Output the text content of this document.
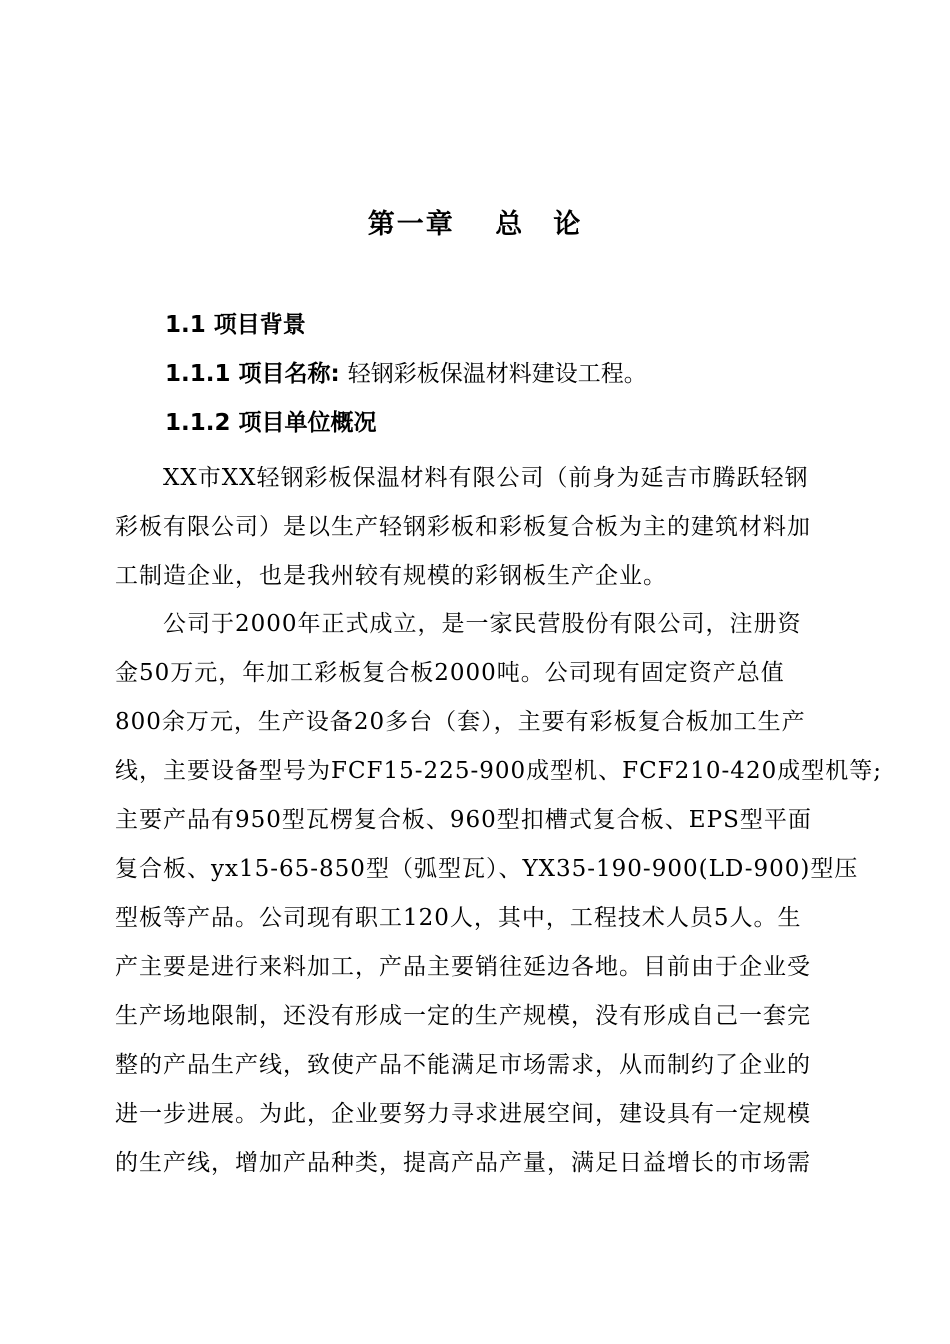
第一章　 总　论
1.1 项目背景
1.1.1 项目名称: 轻钢彩板保温材料建设工程。
1.1.2 项目单位概况
　　XX市XX轻钢彩板保温材料有限公司（前身为延吉市腾跃轻钢
彩板有限公司）是以生产轻钢彩板和彩板复合板为主的建筑材料加
工制造企业，也是我州较有规模的彩钢板生产企业。
　　公司于2000年正式成立，是一家民营股份有限公司，注册资
金50万元，年加工彩板复合板2000吨。公司现有固定资产总值
800余万元，生产设备20多台（套），主要有彩板复合板加工生产
线，主要设备型号为FCF15-225-900成型机、FCF210-420成型机等;
主要产品有950型瓦楞复合板、960型扣槽式复合板、EPS型平面
复合板、yx15-65-850型（弧型瓦）、YX35-190-900(LD-900)型压
型板等产品。公司现有职工120人，其中，工程技术人员5人。生
产主要是进行来料加工，产品主要销往延边各地。目前由于企业受
生产场地限制，还没有形成一定的生产规模，没有形成自己一套完
整的产品生产线，致使产品不能满足市场需求，从而制约了企业的
进一步进展。为此，企业要努力寻求进展空间，建设具有一定规模
的生产线，增加产品种类，提高产品产量，满足日益增长的市场需
